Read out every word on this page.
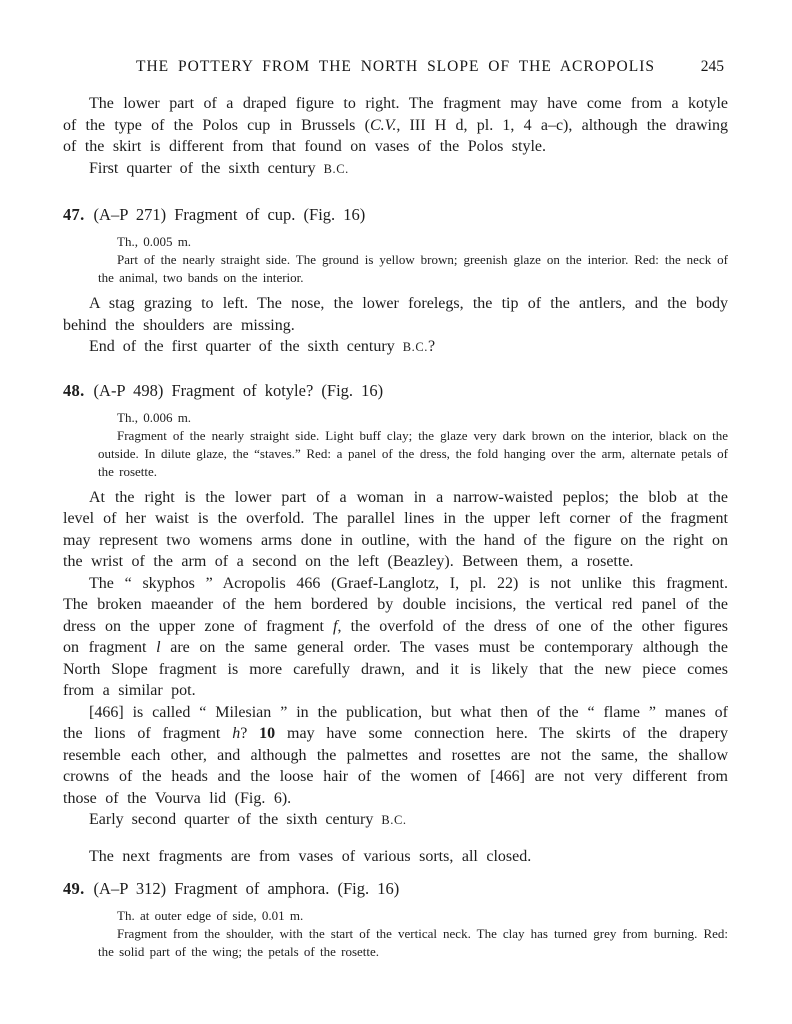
THE POTTERY FROM THE NORTH SLOPE OF THE ACROPOLIS	245

The lower part of a draped figure to right. The fragment may have come from a kotyle of the type of the Polos cup in Brussels (C.V., III H d, pl. 1, 4 a–c), although the drawing of the skirt is different from that found on vases of the Polos style.

First quarter of the sixth century B.C.

47. (A–P 271) Fragment of cup. (Fig. 16)

Th., 0.005 m.

Part of the nearly straight side. The ground is yellow brown; greenish glaze on the interior. Red: the neck of the animal, two bands on the interior.

A stag grazing to left. The nose, the lower forelegs, the tip of the antlers, and the body behind the shoulders are missing.

End of the first quarter of the sixth century B.C.?

48. (A-P 498) Fragment of kotyle? (Fig. 16)

Th., 0.006 m.

Fragment of the nearly straight side. Light buff clay; the glaze very dark brown on the interior, black on the outside. In dilute glaze, the “staves.” Red: a panel of the dress, the fold hanging over the arm, alternate petals of the rosette.

At the right is the lower part of a woman in a narrow-waisted peplos; the blob at the level of her waist is the overfold. The parallel lines in the upper left corner of the fragment may represent two womens arms done in outline, with the hand of the figure on the right on the wrist of the arm of a second on the left (Beazley). Between them, a rosette.

The “ skyphos ” Acropolis 466 (Graef-Langlotz, I, pl. 22) is not unlike this fragment. The broken maeander of the hem bordered by double incisions, the vertical red panel of the dress on the upper zone of fragment f, the overfold of the dress of one of the other figures on fragment l are on the same general order. The vases must be contemporary although the North Slope fragment is more carefully drawn, and it is likely that the new piece comes from a similar pot.

[466] is called “ Milesian ” in the publication, but what then of the “ flame ” manes of the lions of fragment h? 10 may have some connection here. The skirts of the drapery resemble each other, and although the palmettes and rosettes are not the same, the shallow crowns of the heads and the loose hair of the women of [466] are not very different from those of the Vourva lid (Fig. 6).

Early second quarter of the sixth century B.C.

The next fragments are from vases of various sorts, all closed.

49. (A–P 312) Fragment of amphora. (Fig. 16)

Th. at outer edge of side, 0.01 m.

Fragment from the shoulder, with the start of the vertical neck. The clay has turned grey from burning. Red: the solid part of the wing; the petals of the rosette.
